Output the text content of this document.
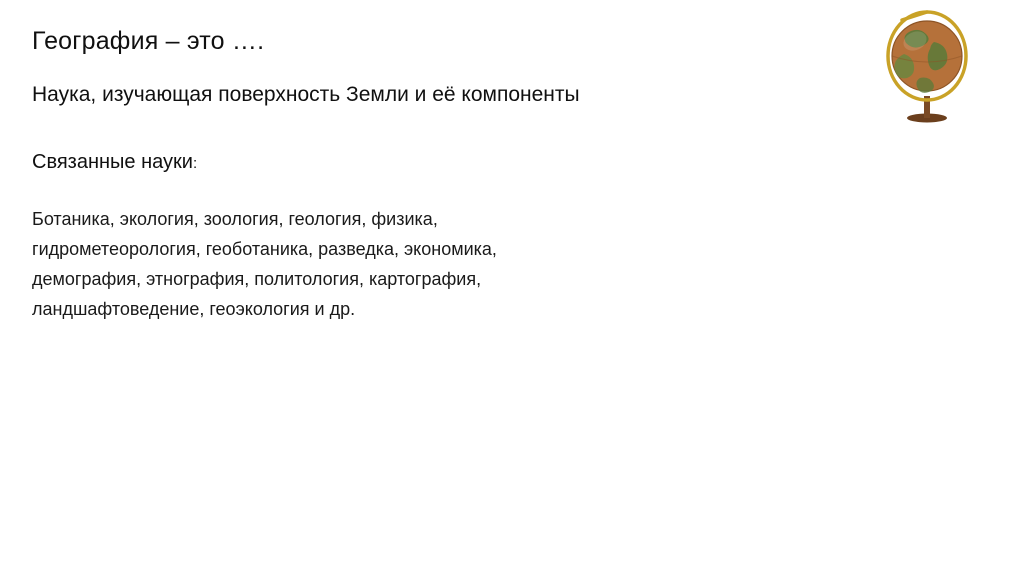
География – это ….

Наука, изучающая поверхность Земли и её компоненты

Связанные науки:

Ботаника, экология, зоология, геология, физика,
гидрометеорология, геоботаника, разведка, экономика,
демография, этнография, политология, картография,
ландшафтоведение, геоэкология и др.
